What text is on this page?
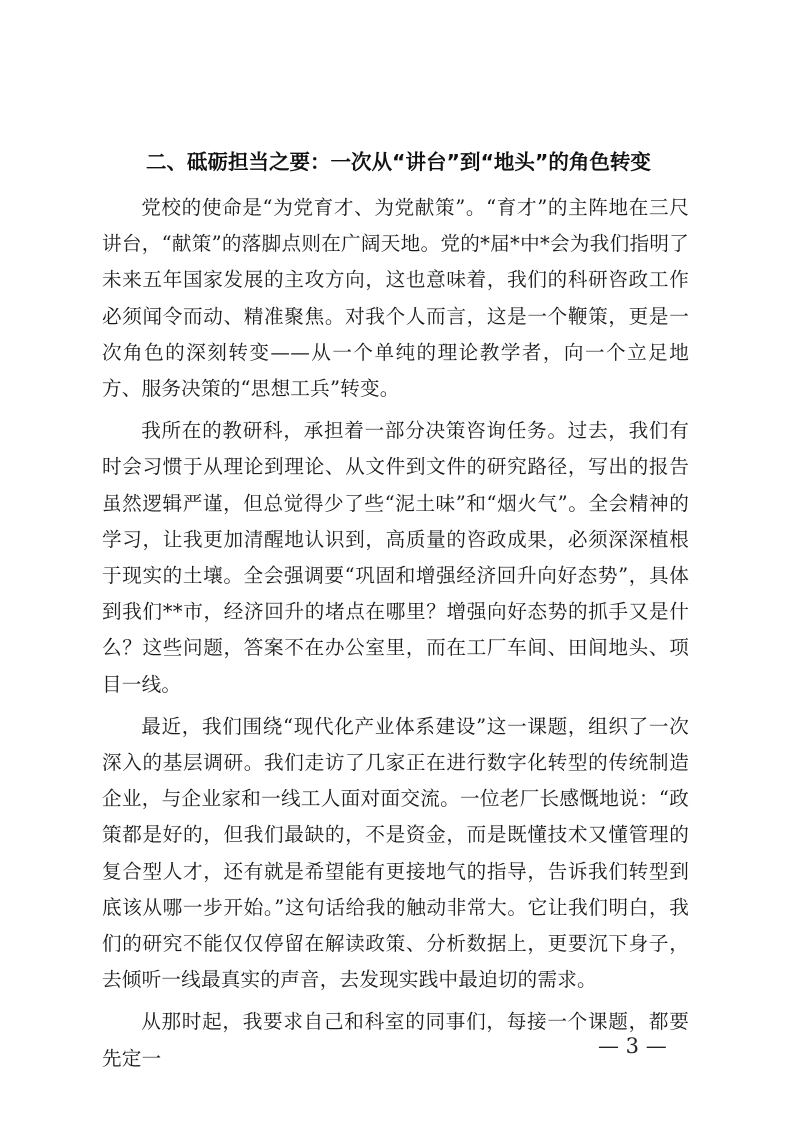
二、砥砺担当之要：一次从“讲台”到“地头”的角色转变

党校的使命是“为党育才、为党献策”。“育才”的主阵地在三尺讲台，“献策”的落脚点则在广阔天地。党的*届*中*会为我们指明了未来五年国家发展的主攻方向，这也意味着，我们的科研咨政工作必须闻令而动、精准聚焦。对我个人而言，这是一个鞭策，更是一次角色的深刻转变——从一个单纯的理论教学者，向一个立足地方、服务决策的“思想工兵”转变。

我所在的教研科，承担着一部分决策咨询任务。过去，我们有时会习惯于从理论到理论、从文件到文件的研究路径，写出的报告虽然逻辑严谨，但总觉得少了些“泥土味”和“烟火气”。全会精神的学习，让我更加清醒地认识到，高质量的咨政成果，必须深深植根于现实的土壤。全会强调要“巩固和增强经济回升向好态势”，具体到我们**市，经济回升的堵点在哪里？增强向好态势的抓手又是什么？这些问题，答案不在办公室里，而在工厂车间、田间地头、项目一线。

最近，我们围绕“现代化产业体系建设”这一课题，组织了一次深入的基层调研。我们走访了几家正在进行数字化转型的传统制造企业，与企业家和一线工人面对面交流。一位老厂长感慨地说：“政策都是好的，但我们最缺的，不是资金，而是既懂技术又懂管理的复合型人才，还有就是希望能有更接地气的指导，告诉我们转型到底该从哪一步开始。”这句话给我的触动非常大。它让我们明白，我们的研究不能仅仅停留在解读政策、分析数据上，更要沉下身子，去倾听一线最真实的声音，去发现实践中最迫切的需求。

从那时起，我要求自己和科室的同事们，每接一个课题，都要先定一

— 3 —
